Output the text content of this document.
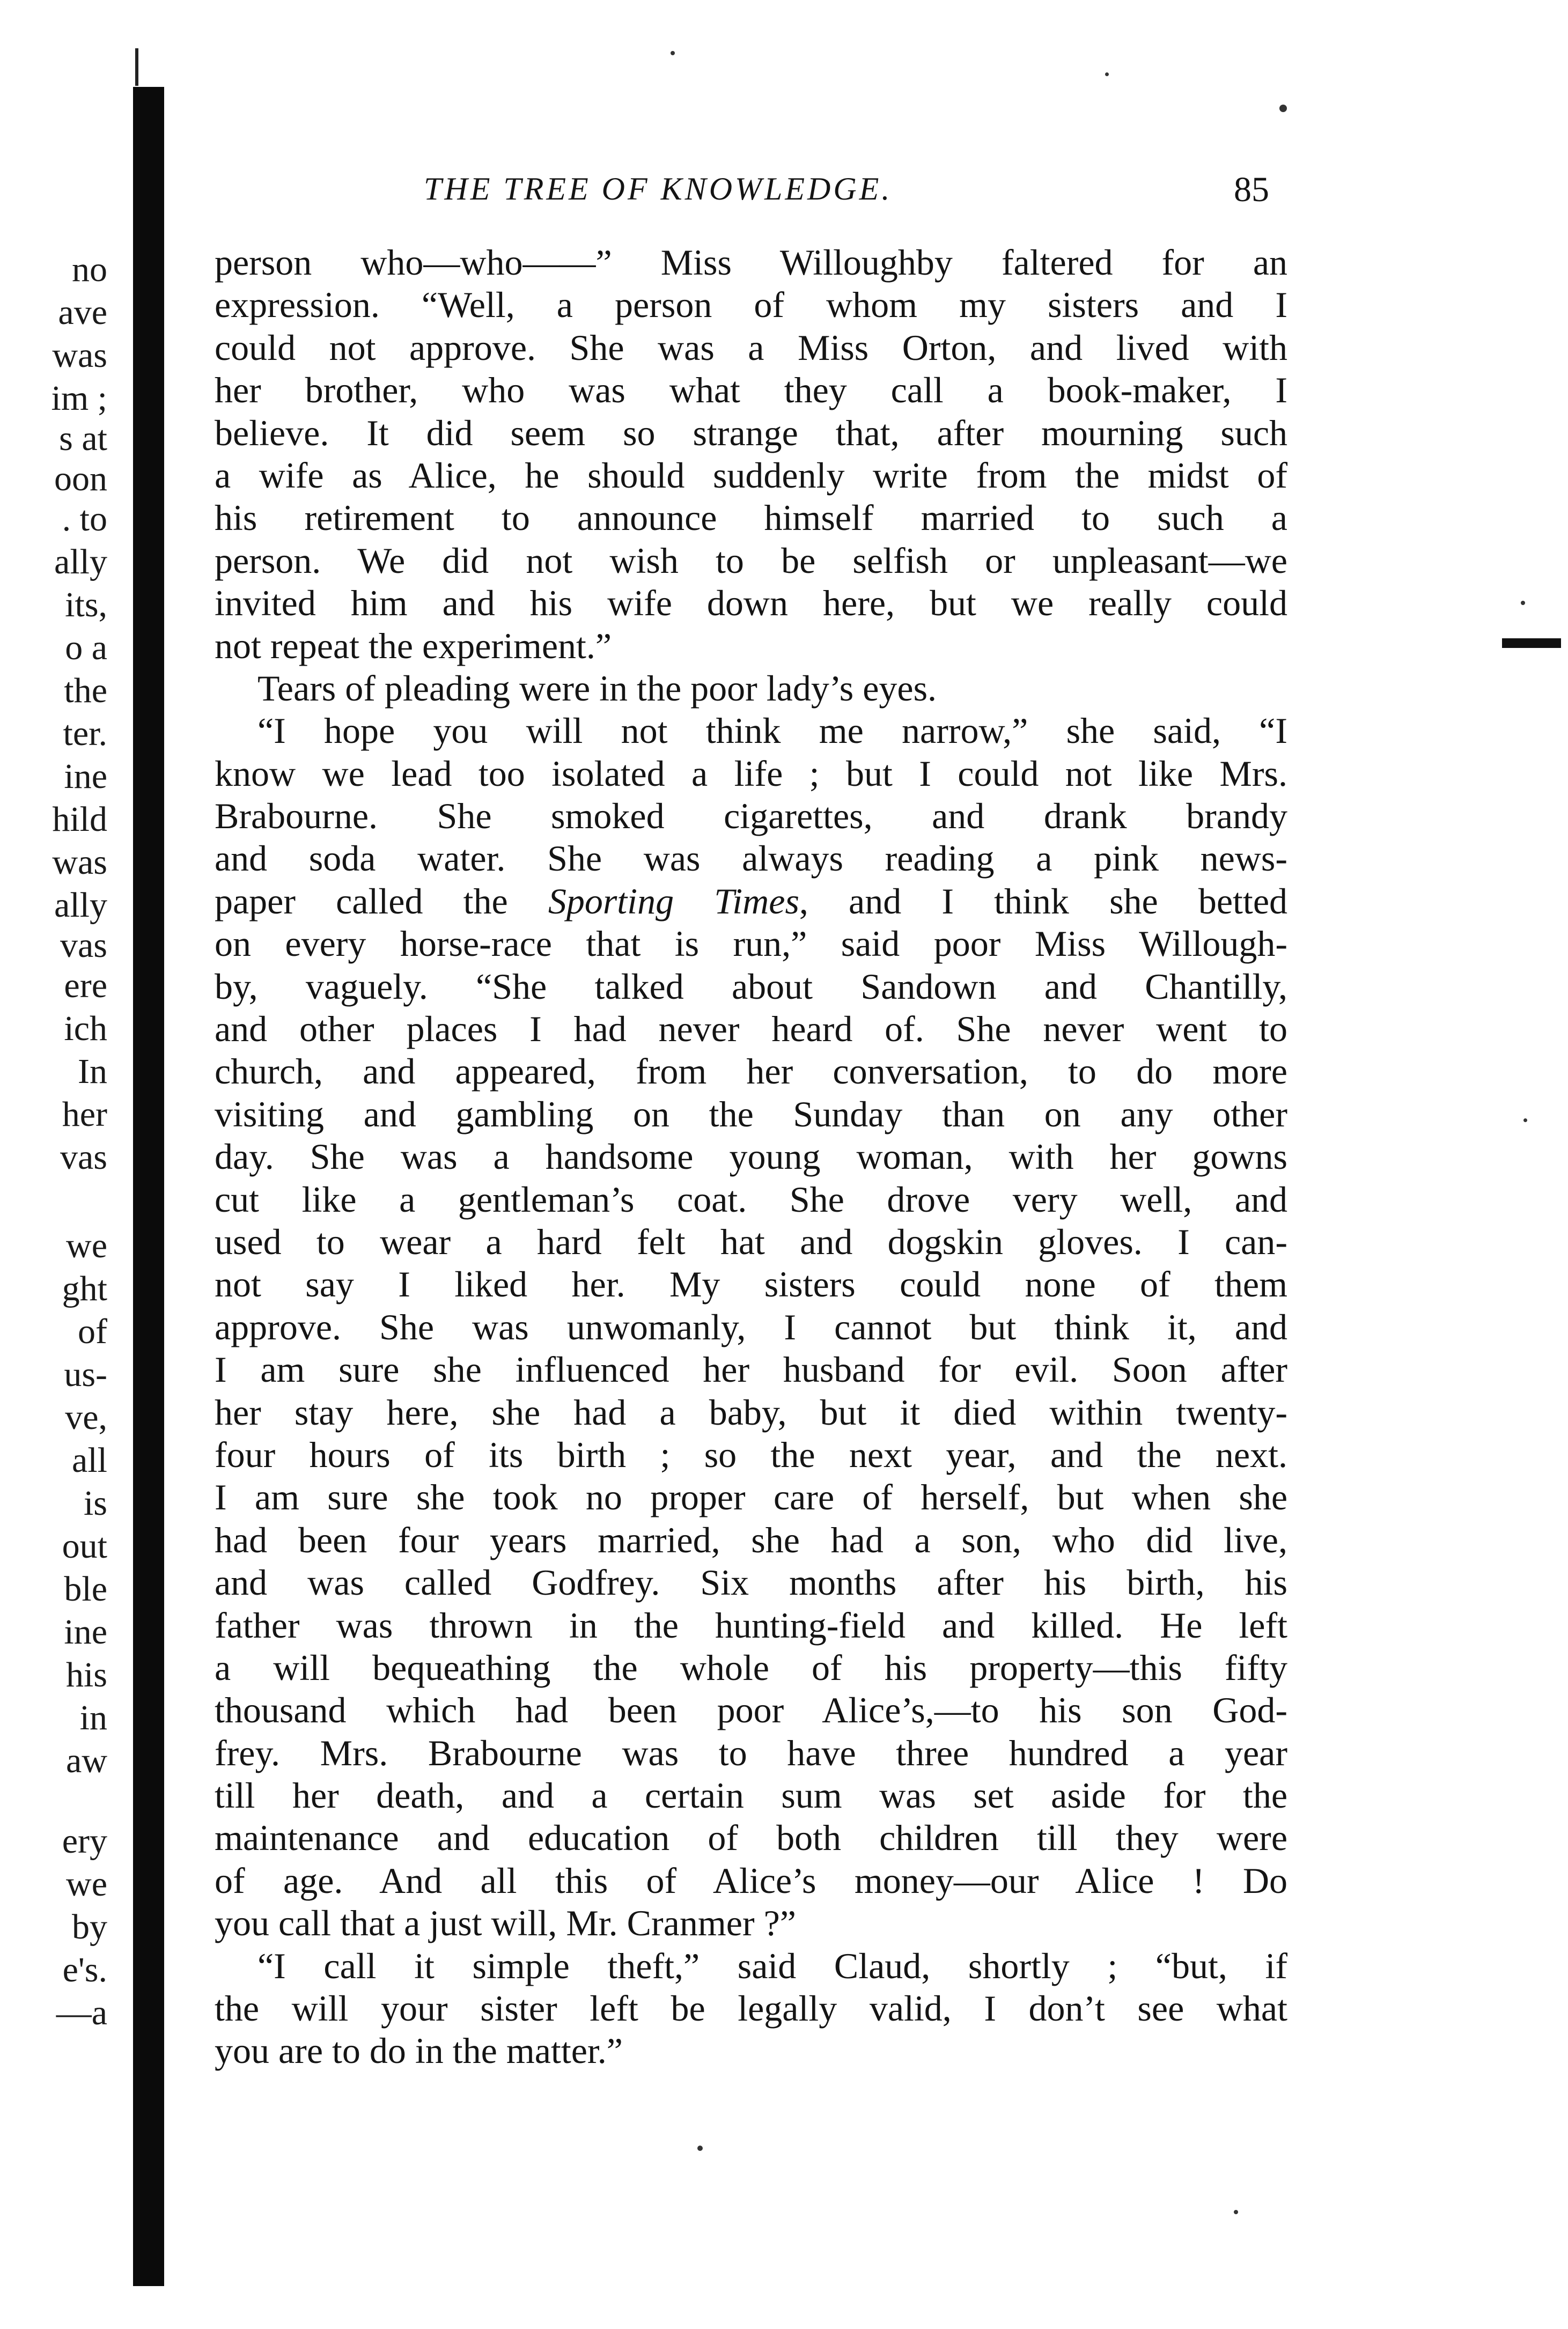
no
ave
was
im ;
s at
oon
. to
ally
its,
o a
the
ter.
ine
hild
was
ally
vas
ere
ich
In
her
vas
we
ght
of
us-
ve,
all
is
out
ble
ine
his
in
aw
ery
we
by
e's.
—a
THE TREE OF KNOWLEDGE.	85
person who—who——” Miss Willoughby faltered for an
expression. “Well, a person of whom my sisters and I
could not approve. She was a Miss Orton, and lived with
her brother, who was what they call a book-maker, I
believe. It did seem so strange that, after mourning such
a wife as Alice, he should suddenly write from the midst of
his retirement to announce himself married to such a
person. We did not wish to be selfish or unpleasant—we
invited him and his wife down here, but we really could
not repeat the experiment.”
Tears of pleading were in the poor lady’s eyes.
“I hope you will not think me narrow,” she said, “I
know we lead too isolated a life ; but I could not like Mrs.
Brabourne. She smoked cigarettes, and drank brandy
and soda water. She was always reading a pink news-
paper called the Sporting Times, and I think she betted
on every horse-race that is run,” said poor Miss Willough-
by, vaguely. “She talked about Sandown and Chantilly,
and other places I had never heard of. She never went to
church, and appeared, from her conversation, to do more
visiting and gambling on the Sunday than on any other
day. She was a handsome young woman, with her gowns
cut like a gentleman’s coat. She drove very well, and
used to wear a hard felt hat and dogskin gloves. I can-
not say I liked her. My sisters could none of them
approve. She was unwomanly, I cannot but think it, and
I am sure she influenced her husband for evil. Soon after
her stay here, she had a baby, but it died within twenty-
four hours of its birth ; so the next year, and the next.
I am sure she took no proper care of herself, but when she
had been four years married, she had a son, who did live,
and was called Godfrey. Six months after his birth, his
father was thrown in the hunting-field and killed. He left
a will bequeathing the whole of his property—this fifty
thousand which had been poor Alice’s,—to his son God-
frey. Mrs. Brabourne was to have three hundred a year
till her death, and a certain sum was set aside for the
maintenance and education of both children till they were
of age. And all this of Alice’s money—our Alice ! Do
you call that a just will, Mr. Cranmer ?”
“I call it simple theft,” said Claud, shortly ; “but, if
the will your sister left be legally valid, I don’t see what
you are to do in the matter.”
